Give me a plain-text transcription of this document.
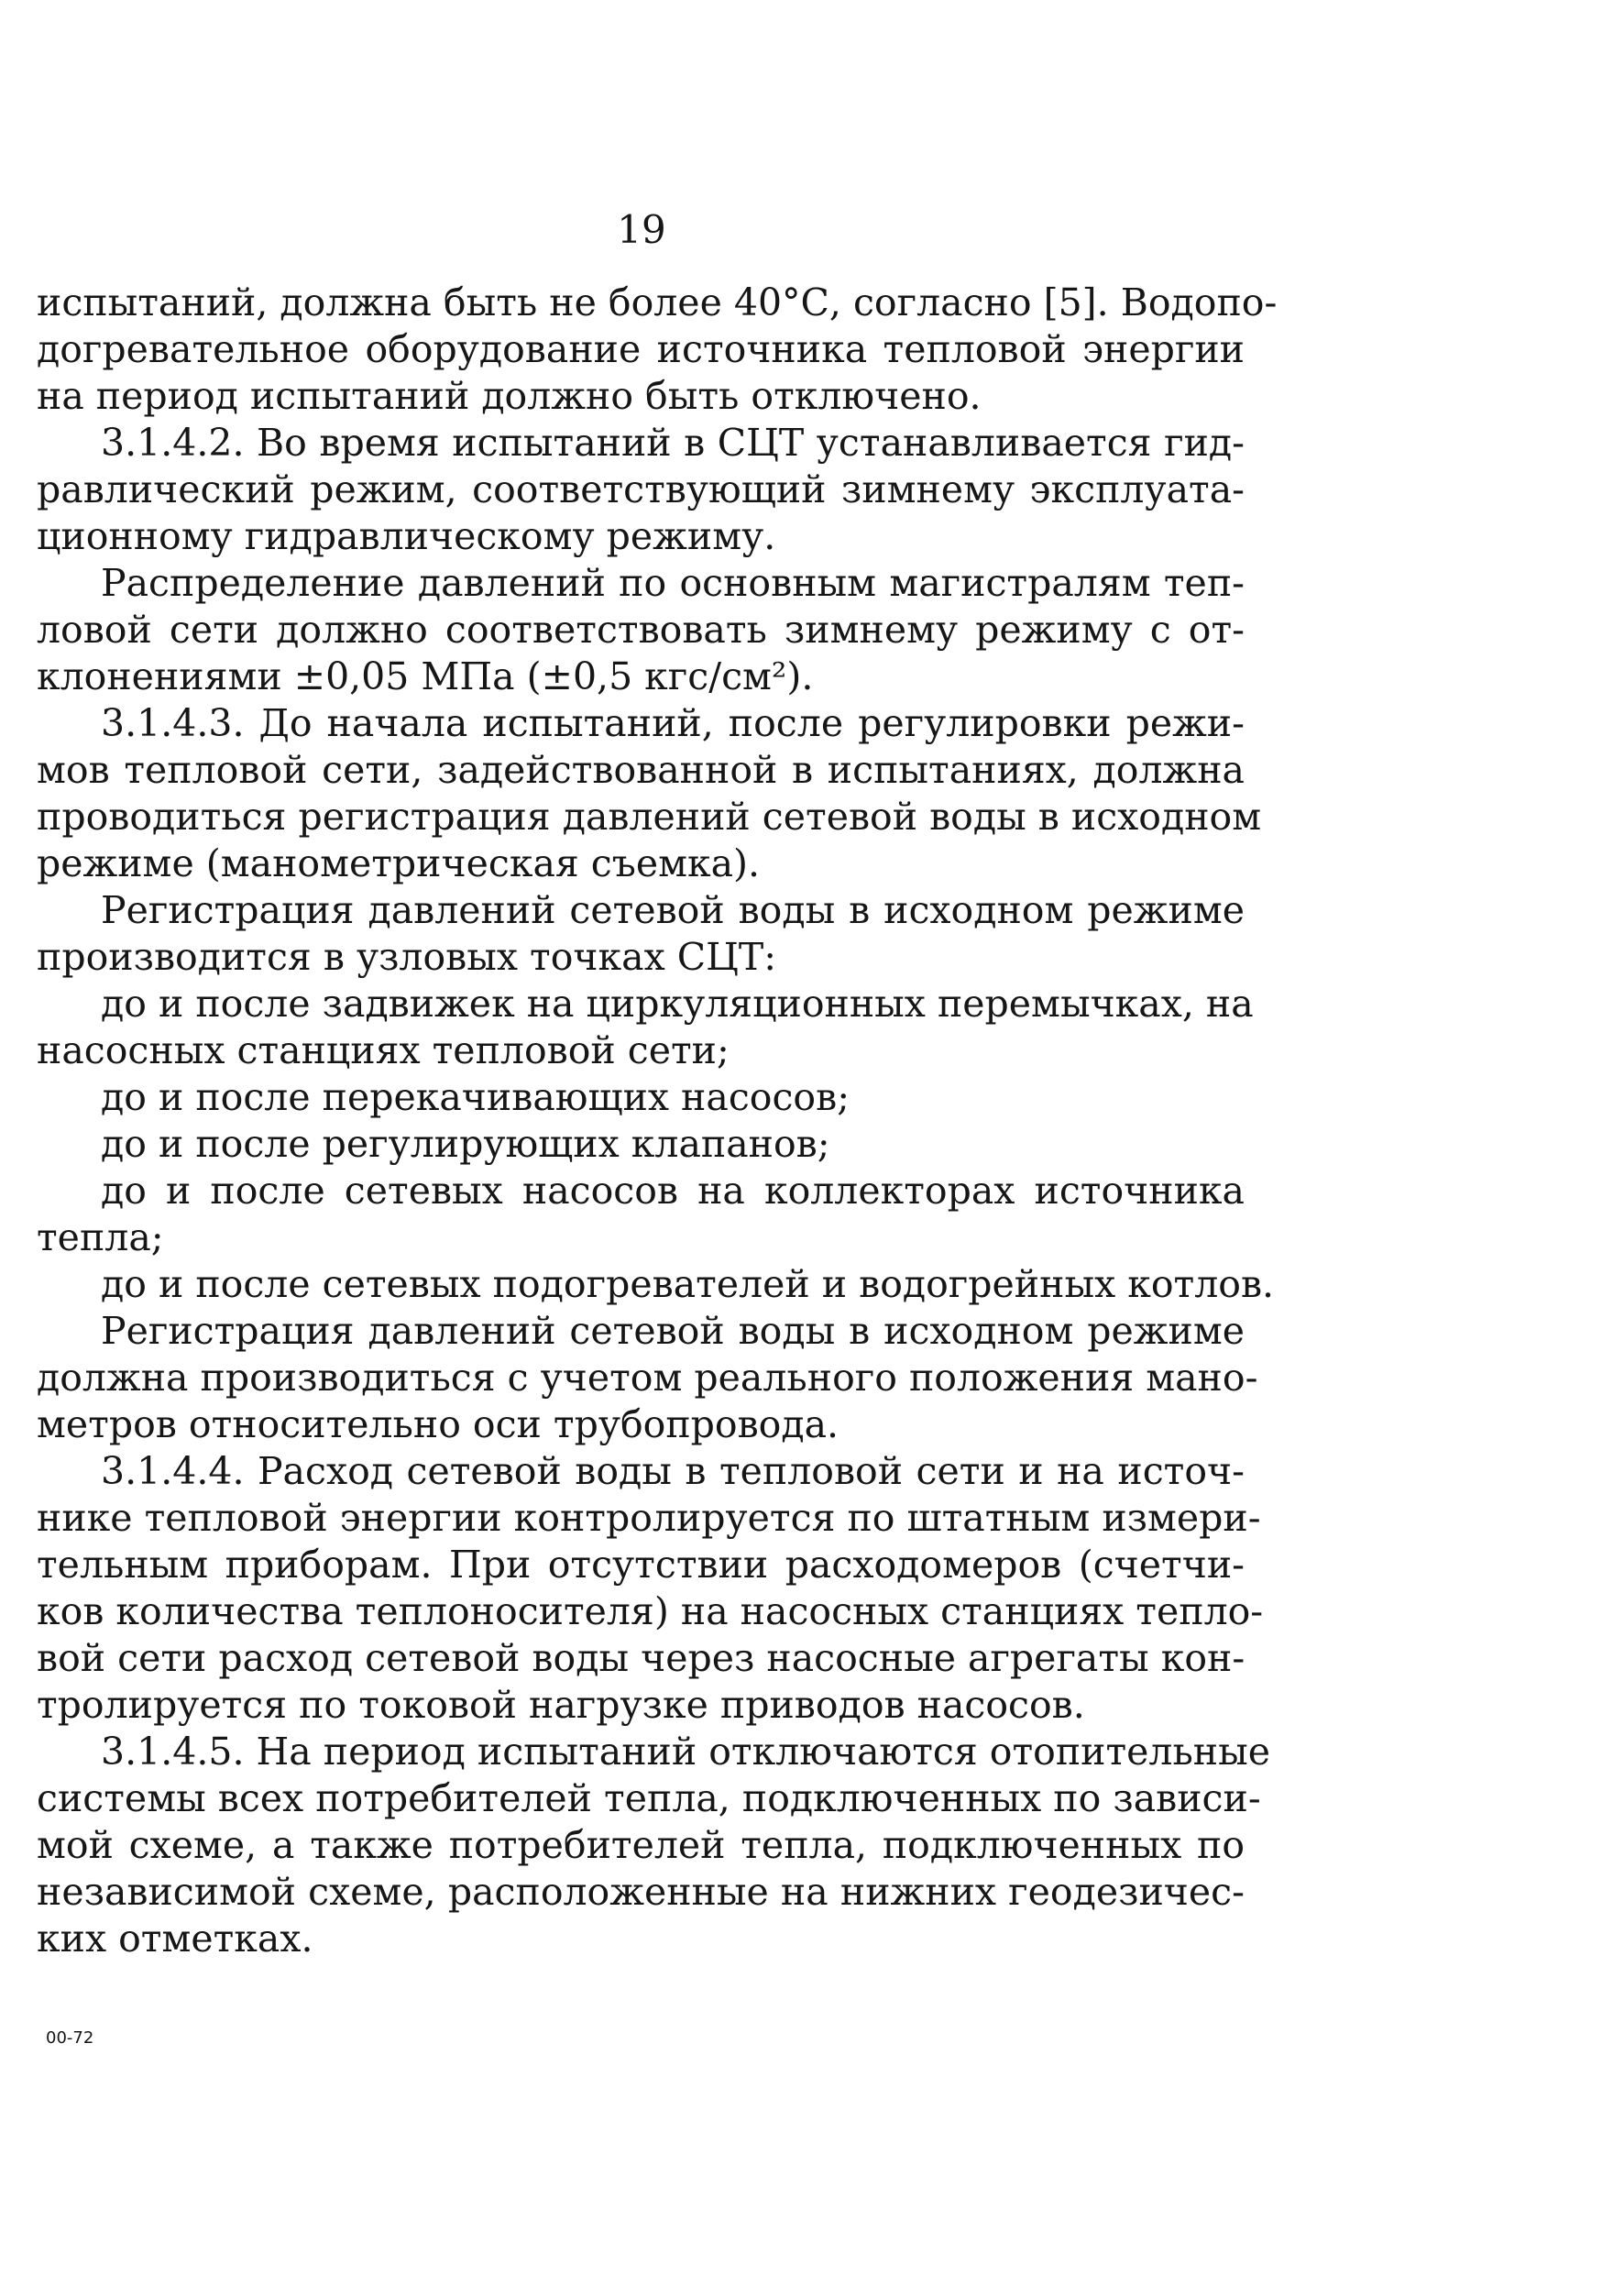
19
испытаний, должна быть не более 40°С, согласно [5]. Водопо-
догревательное оборудование источника тепловой энергии
на период испытаний должно быть отключено.
3.1.4.2. Во время испытаний в СЦТ устанавливается гид-
равлический режим, соответствующий зимнему эксплуата-
ционному гидравлическому режиму.
Распределение давлений по основным магистралям теп-
ловой сети должно соответствовать зимнему режиму с от-
клонениями ±0,05 МПа (±0,5 кгс/см²).
3.1.4.3. До начала испытаний, после регулировки режи-
мов тепловой сети, задействованной в испытаниях, должна
проводиться регистрация давлений сетевой воды в исходном
режиме (манометрическая съемка).
Регистрация давлений сетевой воды в исходном режиме
производится в узловых точках СЦТ:
до и после задвижек на циркуляционных перемычках, на
насосных станциях тепловой сети;
до и после перекачивающих насосов;
до и после регулирующих клапанов;
до и после сетевых насосов на коллекторах источника
тепла;
до и после сетевых подогревателей и водогрейных котлов.
Регистрация давлений сетевой воды в исходном режиме
должна производиться с учетом реального положения мано-
метров относительно оси трубопровода.
3.1.4.4. Расход сетевой воды в тепловой сети и на источ-
нике тепловой энергии контролируется по штатным измери-
тельным приборам. При отсутствии расходомеров (счетчи-
ков количества теплоносителя) на насосных станциях тепло-
вой сети расход сетевой воды через насосные агрегаты кон-
тролируется по токовой нагрузке приводов насосов.
3.1.4.5. На период испытаний отключаются отопительные
системы всех потребителей тепла, подключенных по зависи-
мой схеме, а также потребителей тепла, подключенных по
независимой схеме, расположенные на нижних геодезичес-
ких отметках.
00-72
